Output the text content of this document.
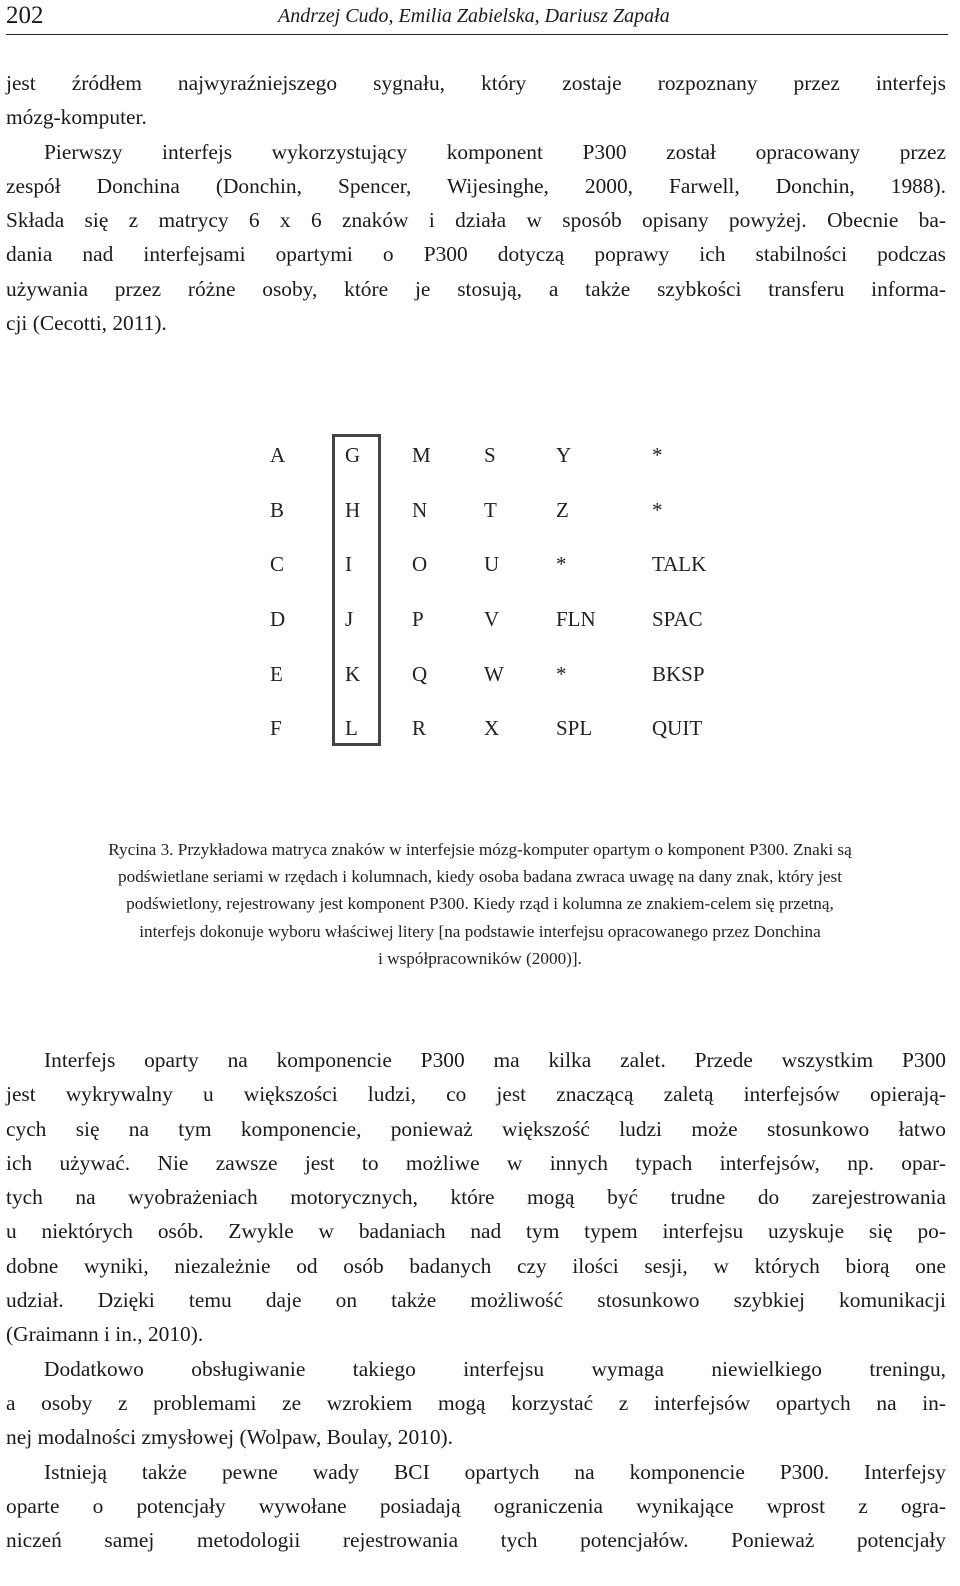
202	Andrzej Cudo, Emilia Zabielska, Dariusz Zapała

jest źródłem najwyraźniejszego sygnału, który zostaje rozpoznany przez interfejs
mózg-komputer.

Pierwszy interfejs wykorzystujący komponent P300 został opracowany przez
zespół Donchina (Donchin, Spencer, Wijesinghe, 2000, Farwell, Donchin, 1988).
Składa się z matrycy 6 x 6 znaków i działa w sposób opisany powyżej. Obecnie ba-
dania nad interfejsami opartymi o P300 dotyczą poprawy ich stabilności podczas
używania przez różne osoby, które je stosują, a także szybkości transferu informa-
cji (Cecotti, 2011).

A
B
C
D
E
F
G
H
I
J
K
L
M
N
O
P
Q
R
S
T
U
V
W
X
Y
Z
*
FLN
*
SPL
*
*
TALK
SPAC
BKSP
QUIT
Rycina 3. Przykładowa matryca znaków w interfejsie mózg-komputer opartym o komponent P300. Znaki są
podświetlane seriami w rzędach i kolumnach, kiedy osoba badana zwraca uwagę na dany znak, który jest
podświetlony, rejestrowany jest komponent P300. Kiedy rząd i kolumna ze znakiem-celem się przetną,
interfejs dokonuje wyboru właściwej litery [na podstawie interfejsu opracowanego przez Donchina
i współpracowników (2000)].

Interfejs oparty na komponencie P300 ma kilka zalet. Przede wszystkim P300
jest wykrywalny u większości ludzi, co jest znaczącą zaletą interfejsów opierają-
cych się na tym komponencie, ponieważ większość ludzi może stosunkowo łatwo
ich używać. Nie zawsze jest to możliwe w innych typach interfejsów, np. opar-
tych na wyobrażeniach motorycznych, które mogą być trudne do zarejestrowania
u niektórych osób. Zwykle w badaniach nad tym typem interfejsu uzyskuje się po-
dobne wyniki, niezależnie od osób badanych czy ilości sesji, w których biorą one
udział. Dzięki temu daje on także możliwość stosunkowo szybkiej komunikacji
(Graimann i in., 2010).

Dodatkowo obsługiwanie takiego interfejsu wymaga niewielkiego treningu,
a osoby z problemami ze wzrokiem mogą korzystać z interfejsów opartych na in-
nej modalności zmysłowej (Wolpaw, Boulay, 2010).

Istnieją także pewne wady BCI opartych na komponencie P300. Interfejsy
oparte o potencjały wywołane posiadają ograniczenia wynikające wprost z ogra-
niczeń samej metodologii rejestrowania tych potencjałów. Ponieważ potencjały
